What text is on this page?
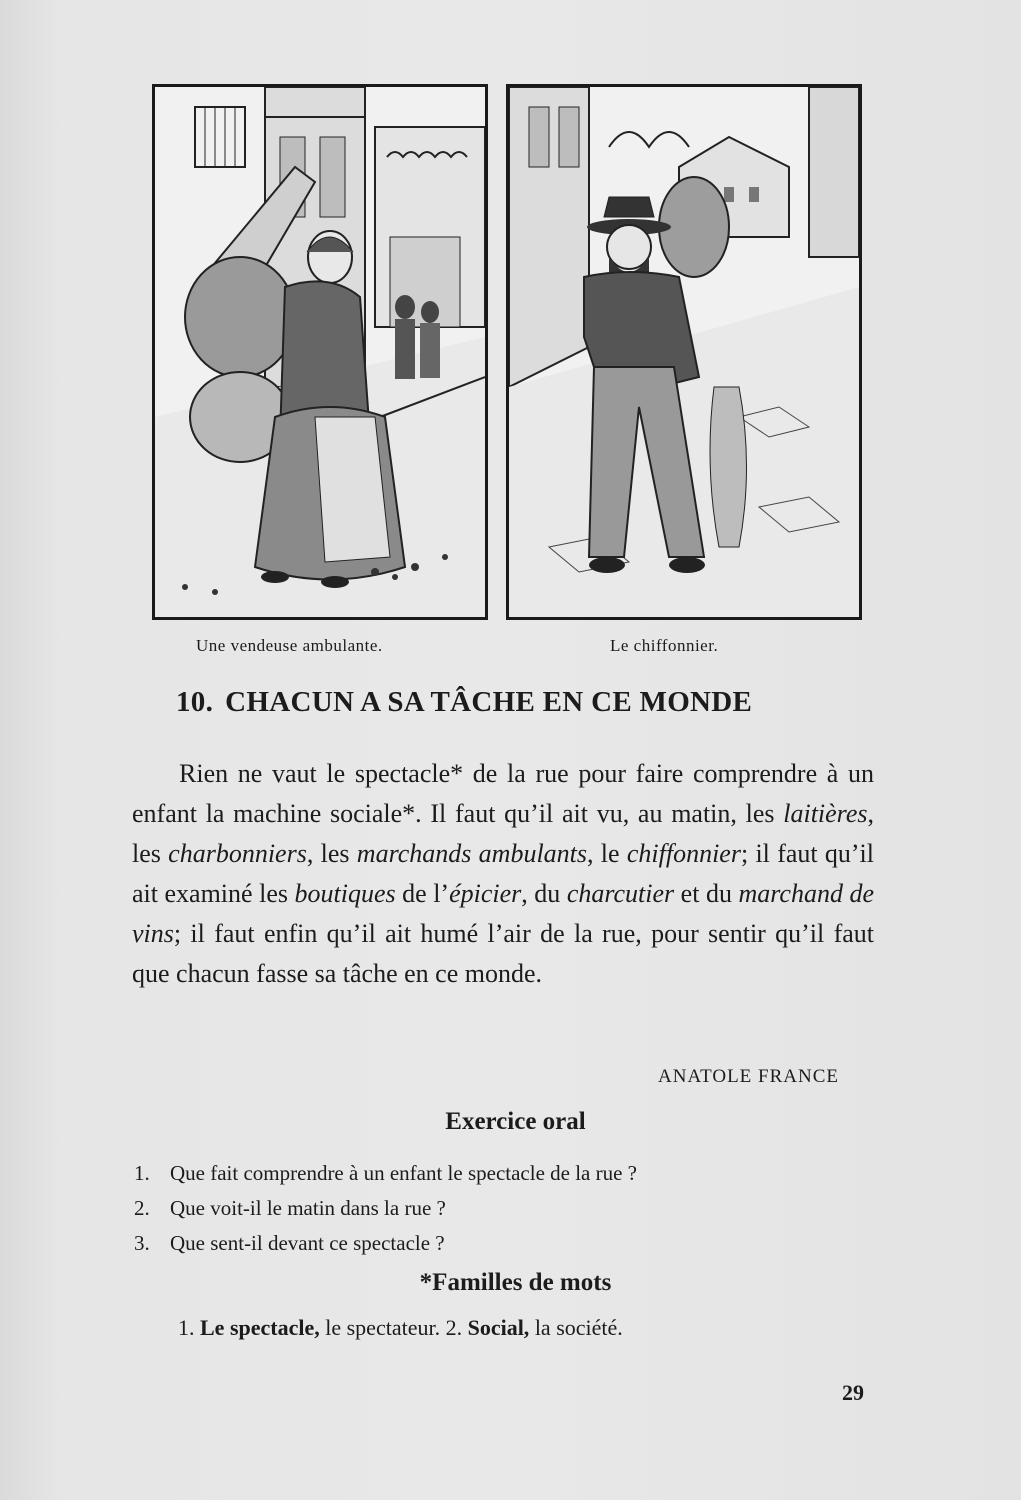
Une vendeuse ambulante.	Le chiffonnier.
10. CHACUN A SA TÂCHE EN CE MONDE

Rien ne vaut le spectacle* de la rue pour faire comprendre à un enfant la machine sociale*. Il faut qu’il ait vu, au matin, les laitières, les charbonniers, les marchands ambulants, le chiffonnier; il faut qu’il ait examiné les boutiques de l’épicier, du charcutier et du marchand de vins; il faut enfin qu’il ait humé l’air de la rue, pour sentir qu’il faut que chacun fasse sa tâche en ce monde.

ANATOLE FRANCE
Exercice oral
1. Que fait comprendre à un enfant le spectacle de la rue ?
2. Que voit-il le matin dans la rue ?
3. Que sent-il devant ce spectacle ?
*Familles de mots
1. Le spectacle, le spectateur. 2. Social, la société.
29
